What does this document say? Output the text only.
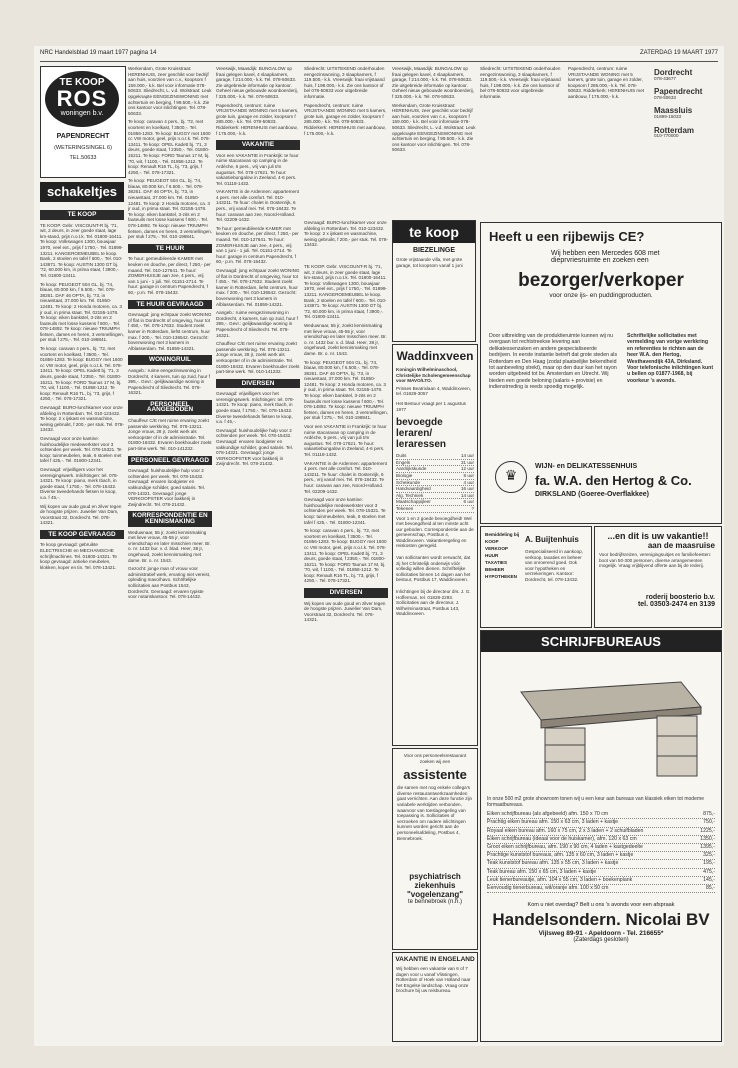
NRC Handelsblad 19 maart 1977 pagina 14	ZATERDAG 19 MAART 1977
TE KOOP
ROS
woningen b.v.
PAPENDRECHT
(WETERINGSINGEL 6)
TEL.50633
schakeltjes
TE KOOP

TE KOOP. Gebr. VISCOUNT-R bj. '71, wit, 2 deurs, in zeer goede staat, lage km-stand, prijs n.o.t.k. Tel. 01800-16411. Te koop: Volkswagen 1300, bouwjaar 1970, veel ext., prijs f 1750,-. Tel. 01899-13211. KANGEROEMEUBEL te koop. Bank, 2 stoelen en tafel f 600,-. Tel. 010-143871. Te koop: AUSTIN 1300 GT bj. '72, 60.000 km, in prima staat, f 3900,-. Tel. 01800-13411.

Te koop: PEUGEOT 504 GL, bj. '74, blauw, 80.000 km, f 6.500,-. Tel. 078-38261. DAF 46 OPTA, bj. '73, in nieuwstaat, 37.000 km. Tel. 01850-12481. Te koop: 2 Honda motoren, ca. 3 jr oud, in prima staat. Tel. 02155-1478. Te koop: eiken bankstel, 3-zits en 2 fauteuils met losse kussens f 600,-. Tel. 078-14892. Te koop: nieuwe TRIUMPH fietsen, dames en heren, 3 versnellingen, per stuk f 275,-. Tel. 010-198841.

Te koop: caravan 4 pers., bj. '72, met voortent en koelkast, f 3500,-. Tel. 01856-1283. Te koop: BUGGY met 1600 cc VW motor, geel, prijs n.o.t.k. Tel. 078-13411. Te koop: OPEL Kadett bj. '71, 3 deurs, goede staat, f 2350,-. Tel. 01800-15211. Te koop: FORD Taunus 17 M, bj. '70, wit, f 1100,-. Tel. 01858-1212. Te koop: Renault R16 TL, bj. '73, grijs, f 4250,-. Tel. 078-17321.

Gevraagd: BURO-lunchkamer voor onze afdeling in Rotterdam. Tel. 010-123432. Te koop: 2 x ijskast en wasmachine, weinig gebruikt, f 200,- per stuk. Tel. 078-13432.

Gevraagd voor onze kantine: huishoudelijke medewerkster voor 3 ochtenden per week. Tel. 078-15321. Te koop: tuinmeubelen, teak, 6 stoelen met tafel f 425,-. Tel. 01800-12341.

Gevraagd: vrijwilligers voor het verenigingswerk. Inlichtingen: tel. 078-14321. Te koop: piano, merk Ibach, in goede staat, f 1750,-. Tel. 078-15432. Diverse tweedehands fietsen te koop, v.a. f 45,-.

Wij kopen uw oude goud en zilver tegen de hoogste prijzen. Juwelier Van Dam, Voorstraat 32, Dordrecht. Tel. 078-14321.

TE KOOP GEVRAAGD

Te koop gevraagd: gebruikte ELECTRISCHE en MECHANISCHE schrijfmachines. Tel. 01800-14321. Te koop gevraagd: antieke meubelen, klokken, koper en tin. Tel. 078-13421.

Werkendam, Grote Kruisstraat: HERENHUIS, zeer geschikt voor bedrijf aan huis, voorzien van c.v., koopsom f 159.000,- k.k. Bel voor informatie 078-50633. Sliedrecht, L. v.d. Wolstraat: Leuk opgeknapte EENGEZINSWONING met achtertuin en berging, f 99.500,- k.k. Zie ons kantoor voor inlichtingen. Tel. 078-50633.

Te koop: caravan 4 pers., bj. '72, met voortent en koelkast, f 3500,-. Tel. 01856-1283. Te koop: BUGGY met 1600 cc VW motor, geel, prijs n.o.t.k. Tel. 078-13411. Te koop: OPEL Kadett bj. '71, 3 deurs, goede staat, f 2350,-. Tel. 01800-15211. Te koop: FORD Taunus 17 M, bj. '70, wit, f 1100,-. Tel. 01858-1212. Te koop: Renault R16 TL, bj. '73, grijs, f 4250,-. Tel. 078-17321.

Te koop: PEUGEOT 504 GL, bj. '74, blauw, 80.000 km, f 6.500,-. Tel. 078-38261. DAF 46 OPTA, bj. '73, in nieuwstaat, 37.000 km. Tel. 01850-12481. Te koop: 2 Honda motoren, ca. 3 jr oud, in prima staat. Tel. 02155-1478. Te koop: eiken bankstel, 3-zits en 2 fauteuils met losse kussens f 600,-. Tel. 078-14892. Te koop: nieuwe TRIUMPH fietsen, dames en heren, 3 versnellingen, per stuk f 275,-. Tel. 010-198841.

TE HUUR

Te huur: gemeubileerde KAMER met keuken en douche, per direct, f 250,- per maand. Tel. 010-127641. Te huur: ZOMERHUISJE aan zee, 4 pers., vrij van 1 juni - 1 juli. Tel. 01151-2714. Te huur: garage in centrum Papendrecht, f 60,- p.m. Tel. 078-15432.

TE HUUR GEVRAAGD

Gevraagd: jong echtpaar zoekt WONING of flat in Dordrecht of omgeving, huur tot f 450,-. Tel. 078-17632. Student zoekt kamer in Rotterdam, liefst centrum, huur max. f 200,-. Tel. 010-136542. Gezocht: bovenwoning met 3 kamers in Alblasserdam. Tel. 01859-14321.

WONINGRUIL

Aangeb.: ruime eengezinswoning in Dordrecht, 4 kamers, tuin op zuid, huur f 395,-. Gevr.: gelijkwaardige woning in Papendrecht of Sliedrecht. Tel. 078-16321.

PERSONEEL AANGEBODEN

Chauffeur C/E met ruime ervaring zoekt passende werkkring. Tel. 078-13211. Jonge vrouw, 28 jr, zoekt werk als verkoopster of in de administratie. Tel. 01800-18432. Ervaren boekhouder zoekt part-time werk. Tel. 010-141232.

PERSONEEL GEVRAAGD

Gevraagd: huishoudelijke hulp voor 2 ochtenden per week. Tel. 078-15432. Gevraagd: ervaren loodgieter en vakkundige schilder, goed salaris. Tel. 078-14321. Gevraagd: jonge VERKOOPSTER voor bakkerij in Zwijndrecht. Tel. 078-21432.

KORRESPONDENTIE EN KENNISMAKING

Weduwnaar, 55 jr, zoekt kennismaking met lieve vrouw, 45-55 jr, voor vriendschap en later misschien meer. Br. o. nr. 1432 bur. v. d. blad. Heer, 38 jr, ongehuwd, zoekt kennismaking met dame. Br. o. nr. 1543.

Gezocht: jonge man of vrouw voor administratief werk, ervaring niet vereist, opleiding mavo/havo. Schriftelijke sollicitaties aan Postbus 1543, Dordrecht. Gevraagd: ervaren typiste voor notariskantoor. Tel. 078-14432.

Vreeswijk, Maasdijk: BUNGALOW op fraai gelegen kavel, 4 slaapkamers, garage, f 214.000,- k.k. Tel. 078-50633. Zie uitgebreide informatie op kantoor. Geheel nieuw gebouwde woonboerderij, f 325.000,- k.k. Tel. 078-50633.

Papendrecht, centrum: ruime VRIJSTAANDE WONING met 5 kamers, grote tuin, garage en zolder, koopsom f 285.000,- k.k. Tel. 078-50633. Ridderkerk: HERENHUIS met aanbouw, f 175.000,- k.k.

VAKANTIE

Voor een VAKANTIE in Frankrijk: te huur ruime stacaravan op camping in de Ardèche, 6 pers., vrij van juli t/m augustus. Tel. 078-17621. Te huur: vakantiebungalow in Zeeland, 4-6 pers. Tel. 01118-1432.

VAKANTIE in de Ardennen: appartement 4 pers. met alle comfort. Tel. 010-143211. Te huur: chalet in Oostenrijk, 6 pers., vrij vanaf mei. Tel. 078-18432. Te huur: caravan aan zee, Noord-Holland. Tel. 02209-1432.

Te huur: gemeubileerde KAMER met keuken en douche, per direct, f 250,- per maand. Tel. 010-127641. Te huur: ZOMERHUISJE aan zee, 4 pers., vrij van 1 juni - 1 juli. Tel. 01151-2714. Te huur: garage in centrum Papendrecht, f 60,- p.m. Tel. 078-15432.

Gevraagd: jong echtpaar zoekt WONING of flat in Dordrecht of omgeving, huur tot f 450,-. Tel. 078-17632. Student zoekt kamer in Rotterdam, liefst centrum, huur max. f 200,-. Tel. 010-136542. Gezocht: bovenwoning met 3 kamers in Alblasserdam. Tel. 01859-14321.

Aangeb.: ruime eengezinswoning in Dordrecht, 4 kamers, tuin op zuid, huur f 395,-. Gevr.: gelijkwaardige woning in Papendrecht of Sliedrecht. Tel. 078-16321.

Chauffeur C/E met ruime ervaring zoekt passende werkkring. Tel. 078-13211. Jonge vrouw, 28 jr, zoekt werk als verkoopster of in de administratie. Tel. 01800-18432. Ervaren boekhouder zoekt part-time werk. Tel. 010-141232.

DIVERSEN

Gevraagd: vrijwilligers voor het verenigingswerk. Inlichtingen: tel. 078-14321. Te koop: piano, merk Ibach, in goede staat, f 1750,-. Tel. 078-15432. Diverse tweedehands fietsen te koop, v.a. f 45,-.

Gevraagd: huishoudelijke hulp voor 2 ochtenden per week. Tel. 078-15432. Gevraagd: ervaren loodgieter en vakkundige schilder, goed salaris. Tel. 078-14321. Gevraagd: jonge VERKOOPSTER voor bakkerij in Zwijndrecht. Tel. 078-21432.

Sliedrecht: UITSTEKEND onderhouden eengezinswoning, 3 slaapkamers, f 119.500,- k.k. Vreeswijk: fraai vrijstaand huis, f 198.000,- k.k. Zie ons kantoor of bel 078-50633 voor uitgebreide informatie.

Papendrecht, centrum: ruime VRIJSTAANDE WONING met 5 kamers, grote tuin, garage en zolder, koopsom f 285.000,- k.k. Tel. 078-50633. Ridderkerk: HERENHUIS met aanbouw, f 175.000,- k.k.

Vreeswijk, Maasdijk: BUNGALOW op fraai gelegen kavel, 4 slaapkamers, garage, f 214.000,- k.k. Tel. 078-50633. Zie uitgebreide informatie op kantoor. Geheel nieuw gebouwde woonboerderij, f 325.000,- k.k. Tel. 078-50633.

Werkendam, Grote Kruisstraat: HERENHUIS, zeer geschikt voor bedrijf aan huis, voorzien van c.v., koopsom f 159.000,- k.k. Bel voor informatie 078-50633. Sliedrecht, L. v.d. Wolstraat: Leuk opgeknapte EENGEZINSWONING met achtertuin en berging, f 99.500,- k.k. Zie ons kantoor voor inlichtingen. Tel. 078-50633.

Sliedrecht: UITSTEKEND onderhouden eengezinswoning, 3 slaapkamers, f 119.500,- k.k. Vreeswijk: fraai vrijstaand huis, f 198.000,- k.k. Zie ons kantoor of bel 078-50633 voor uitgebreide informatie.

Dordrecht
078-43677
Papendrecht
078-50633
Maassluis
01899-15033
Rotterdam
010-770000

Papendrecht, centrum: ruime VRIJSTAANDE WONING met 5 kamers, grote tuin, garage en zolder, koopsom f 285.000,- k.k. Tel. 078-50633. Ridderkerk: HERENHUIS met aanbouw, f 175.000,- k.k.

Gevraagd: BURO-lunchkamer voor onze afdeling in Rotterdam. Tel. 010-123432. Te koop: 2 x ijskast en wasmachine, weinig gebruikt, f 200,- per stuk. Tel. 078-13432.

te koop
BIEZELINGE
Grote vrijstaande villa, met grote garage, tot koopsom vanaf 1 juni

TE KOOP. Gebr. VISCOUNT-R bj. '71, wit, 2 deurs, in zeer goede staat, lage km-stand, prijs n.o.t.k. Tel. 01800-16411. Te koop: Volkswagen 1300, bouwjaar 1970, veel ext., prijs f 1750,-. Tel. 01899-13211. KANGEROEMEUBEL te koop. Bank, 2 stoelen en tafel f 600,-. Tel. 010-143871. Te koop: AUSTIN 1300 GT bj. '72, 60.000 km, in prima staat, f 3900,-. Tel. 01800-13411.

Weduwnaar, 55 jr, zoekt kennismaking met lieve vrouw, 45-55 jr, voor vriendschap en later misschien meer. Br. o. nr. 1432 bur. v. d. blad. Heer, 38 jr, ongehuwd, zoekt kennismaking met dame. Br. o. nr. 1543.

Te koop: PEUGEOT 504 GL, bj. '74, blauw, 80.000 km, f 6.500,-. Tel. 078-38261. DAF 46 OPTA, bj. '73, in nieuwstaat, 37.000 km. Tel. 01850-12481. Te koop: 2 Honda motoren, ca. 3 jr oud, in prima staat. Tel. 02155-1478. Te koop: eiken bankstel, 3-zits en 2 fauteuils met losse kussens f 600,-. Tel. 078-14892. Te koop: nieuwe TRIUMPH fietsen, dames en heren, 3 versnellingen, per stuk f 275,-. Tel. 010-198841.

Voor een VAKANTIE in Frankrijk: te huur ruime stacaravan op camping in de Ardèche, 6 pers., vrij van juli t/m augustus. Tel. 078-17621. Te huur: vakantiebungalow in Zeeland, 4-6 pers. Tel. 01118-1432.

VAKANTIE in de Ardennen: appartement 4 pers. met alle comfort. Tel. 010-143211. Te huur: chalet in Oostenrijk, 6 pers., vrij vanaf mei. Tel. 078-18432. Te huur: caravan aan zee, Noord-Holland. Tel. 02209-1432.

Gevraagd voor onze kantine: huishoudelijke medewerkster voor 3 ochtenden per week. Tel. 078-15321. Te koop: tuinmeubelen, teak, 6 stoelen met tafel f 425,-. Tel. 01800-12341.

Te koop: caravan 4 pers., bj. '72, met voortent en koelkast, f 3500,-. Tel. 01856-1283. Te koop: BUGGY met 1600 cc VW motor, geel, prijs n.o.t.k. Tel. 078-13411. Te koop: OPEL Kadett bj. '71, 3 deurs, goede staat, f 2350,-. Tel. 01800-15211. Te koop: FORD Taunus 17 M, bj. '70, wit, f 1100,-. Tel. 01858-1212. Te koop: Renault R16 TL, bj. '73, grijs, f 4250,-. Tel. 078-17321.

DIVERSEN

Wij kopen uw oude goud en zilver tegen de hoogste prijzen. Juwelier Van Dam, Voorstraat 32, Dordrecht. Tel. 078-14321.

Heeft u een rijbewijs CE?
Wij hebben een Mercedes 608 met dieprvriesruimte en zoeken een
bezorger/verkoper
voor onze ijs- en puddingproducten.
Door uitbreiding van de produktieruimte kunnen wij nu overgaan tot rechtstreekse levering aan delikatessenzaken en andere gespecialiseerde bedrijven. In eerste instantie betreft dat grote steden als Rotterdam en Den Haag (zodat plaatselijke bekendheid tot aanbeveling strekt), maar op den duur kan het rayon worden uitgebreid tot bv. Amsterdam en Utrecht. Wij bieden een goede beloning (salaris + provisie) en indienstrreding is reeds spoedig mogelijk.
Schriftelijke sollicitaties met vermelding van vorige werkkring en referenties te richten aan de heer W.A. den Hertog, Westhavendijk 43A, Dirksland. Voor telefonische inlichtingen kunt u bellen op 01877-1968, bij voorkeur 's avonds.
♛
WIJN- en DELIKATESSENHUIS
fa. W.A. den Hertog & Co.
DIRKSLAND (Goeree-Overflakkee)
Waddinxveen
Koningin Wilhelminaschool, Christelijke Scholengemeenschap voor MAVO/LTO.
Prinses Beatrixlaan 4, Waddinxveen, tel. 01828-3057
Het Bestuur vraagt per 1 augustus 1977
bevoegde leraren/ leraressen
Duits	14 uur
Engels	31 uur
Aardrijkskunde	12 uur
Biologie	8 uur
Scheikunde	4 uur
Handvaardigheid	16 uur
Alg. Techniek	14 uur
Maatschappijleer	6 uur
Tekenen	?
Voor 1 en 2 goede bevoegdheid! Wel met bevoegdheid al ten minste acht uur geboden. Correspondentie aan de gemeenschap, Postbus 4, Waddinxveen. Vakantieregeling en reiskosten geregeld.
Van sollicitanten wordt verwacht, dat zij het Christelijk onderwijs vóór volledig willen dienen. Schriftelijke sollicitaties binnen 14 dagen aan het bestuur, Postbus 17, Waddinxveen.
Inlichtingen bij de directeur drs. J. G. Hofferman, tel. 01828-2293. Sollicitaties aan de directeur, J. Wilhelminastraat, Postbus 143, Waddinxveen.
Bemiddeling bij KOOP VERKOOP HUUR TAXATIES BEHEER HYPOTHEKEN
A. Buijtenhuis
Gespecialiseerd in aankoop, verkoop, taxaties en beheer van onroerend goed. Ook voor hypotheken en verzekeringen. Kantoor: Dordrecht, tel. 078-13432.
...en dit is uw vakantie!!
aan de maasruise
Voor bedrijfsreizen, verenigingsuitjes en familiefeesten: boot van 50-300 personen, diverse arrangementen mogelijk. Vraag vrijblijvend offerte aan bij de rederij.
roderij boosterio b.v.
tel. 03503-2474 en 3139
SCHRIJFBUREAUS
In onze 500 m2 grote showroom tonen wij u een keur aan bureaus van klassiek eiken tot moderne formaatbureaus.
Eiken schrijfbureau (als afgebeeld) afm. 150 x 70 cm	875,-
Prachtig eiken bureau afm. 150 x 63 cm, 3 laden + kastje	750,-
Royaal eiken bureau afm. 160 x 75 cm, 2 x 3 laden + 2 schuifbladen	1225,-
Eiken schrijfbureau (ideaal voor de huiskamer), afm. 120 x 63 cm	1350,-
Groot eiken schrijfbureau, afm. 190 x 90 cm, 4 laden + kastgedeelte	1395,-
Prachtige kunststof bureaus, afm. 135 x 60 cm, 3 laden + kastje	325,-
Teak kunststof bureau afm. 135 x 55 cm, 3 laden + kastje	195,-
Teak bureau afm. 150 x 65 cm, 3 laden + kastje	475,-
Leuk tienerbureautje, afm. 104 x 55 cm, 3 laden + boekenplank	145,-
Eenvoudig tienerbureau, wit/oranje afm. 100 x 50 cm	85,-
Kom u niet overdag? Belt u ons 's avonds voor een afspraak
Handelsondern. Nicolai BV
Vijlsweg 89-91 - Apeldoorn - Tel. 216655*
(Zaterdags gesloten)
Voor ons personeelsrestaurant zoeken wij een
assistente
die samen met nog enkele collega's diverse restaurantwerkzaamheden gaat verrichten. Aan deze functie zijn variabele werktijden verbonden, waarvoor van toeslagregeling van toepassing is. Sollicitaties of verzoeken om nadere inlichtingen kunnen worden gericht aan de personeelsafdeling, Postbus 4, Bennebroek.
psychiatrisch ziekenhuis "vogelenzang"
te bennebroek (n.h.)
VAKANTIE IN ENGELAND
Wij hebben een vakantie van 6 of 7 dagen voor u vanaf Vlissingen, Rotterdam of Hoek van Holland naar het Engelse landschap. Vraag onze brochure bij uw reisbureau.
